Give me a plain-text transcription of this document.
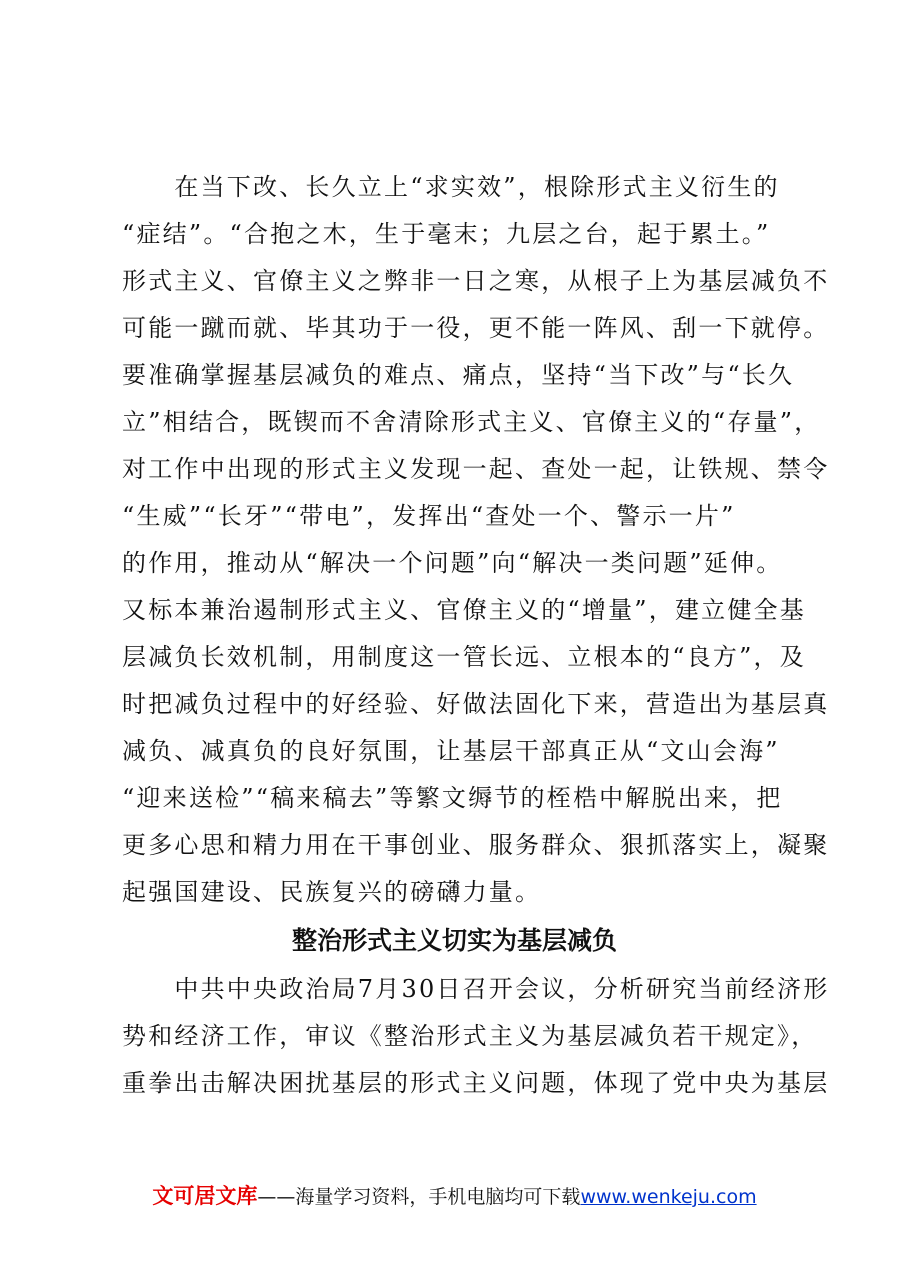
　　在当下改、长久立上“求实效”，根除形式主义衍生的
“症结”。“合抱之木，生于毫末；九层之台，起于累土。”
形式主义、官僚主义之弊非一日之寒，从根子上为基层减负不
可能一蹴而就、毕其功于一役，更不能一阵风、刮一下就停。
要准确掌握基层减负的难点、痛点，坚持“当下改”与“长久
立”相结合，既锲而不舍清除形式主义、官僚主义的“存量”，
对工作中出现的形式主义发现一起、查处一起，让铁规、禁令
“生威”“长牙”“带电”，发挥出“查处一个、警示一片”
的作用，推动从“解决一个问题”向“解决一类问题”延伸。
又标本兼治遏制形式主义、官僚主义的“增量”，建立健全基
层减负长效机制，用制度这一管长远、立根本的“良方”，及
时把减负过程中的好经验、好做法固化下来，营造出为基层真
减负、减真负的良好氛围，让基层干部真正从“文山会海”
“迎来送检”“稿来稿去”等繁文缛节的桎梏中解脱出来，把
更多心思和精力用在干事创业、服务群众、狠抓落实上，凝聚
起强国建设、民族复兴的磅礴力量。
整治形式主义切实为基层减负
　　中共中央政治局7月30日召开会议，分析研究当前经济形
势和经济工作，审议《整治形式主义为基层减负若干规定》，
重拳出击解决困扰基层的形式主义问题，体现了党中央为基层
文可居文库——海量学习资料，手机电脑均可下载www.wenkeju.com
